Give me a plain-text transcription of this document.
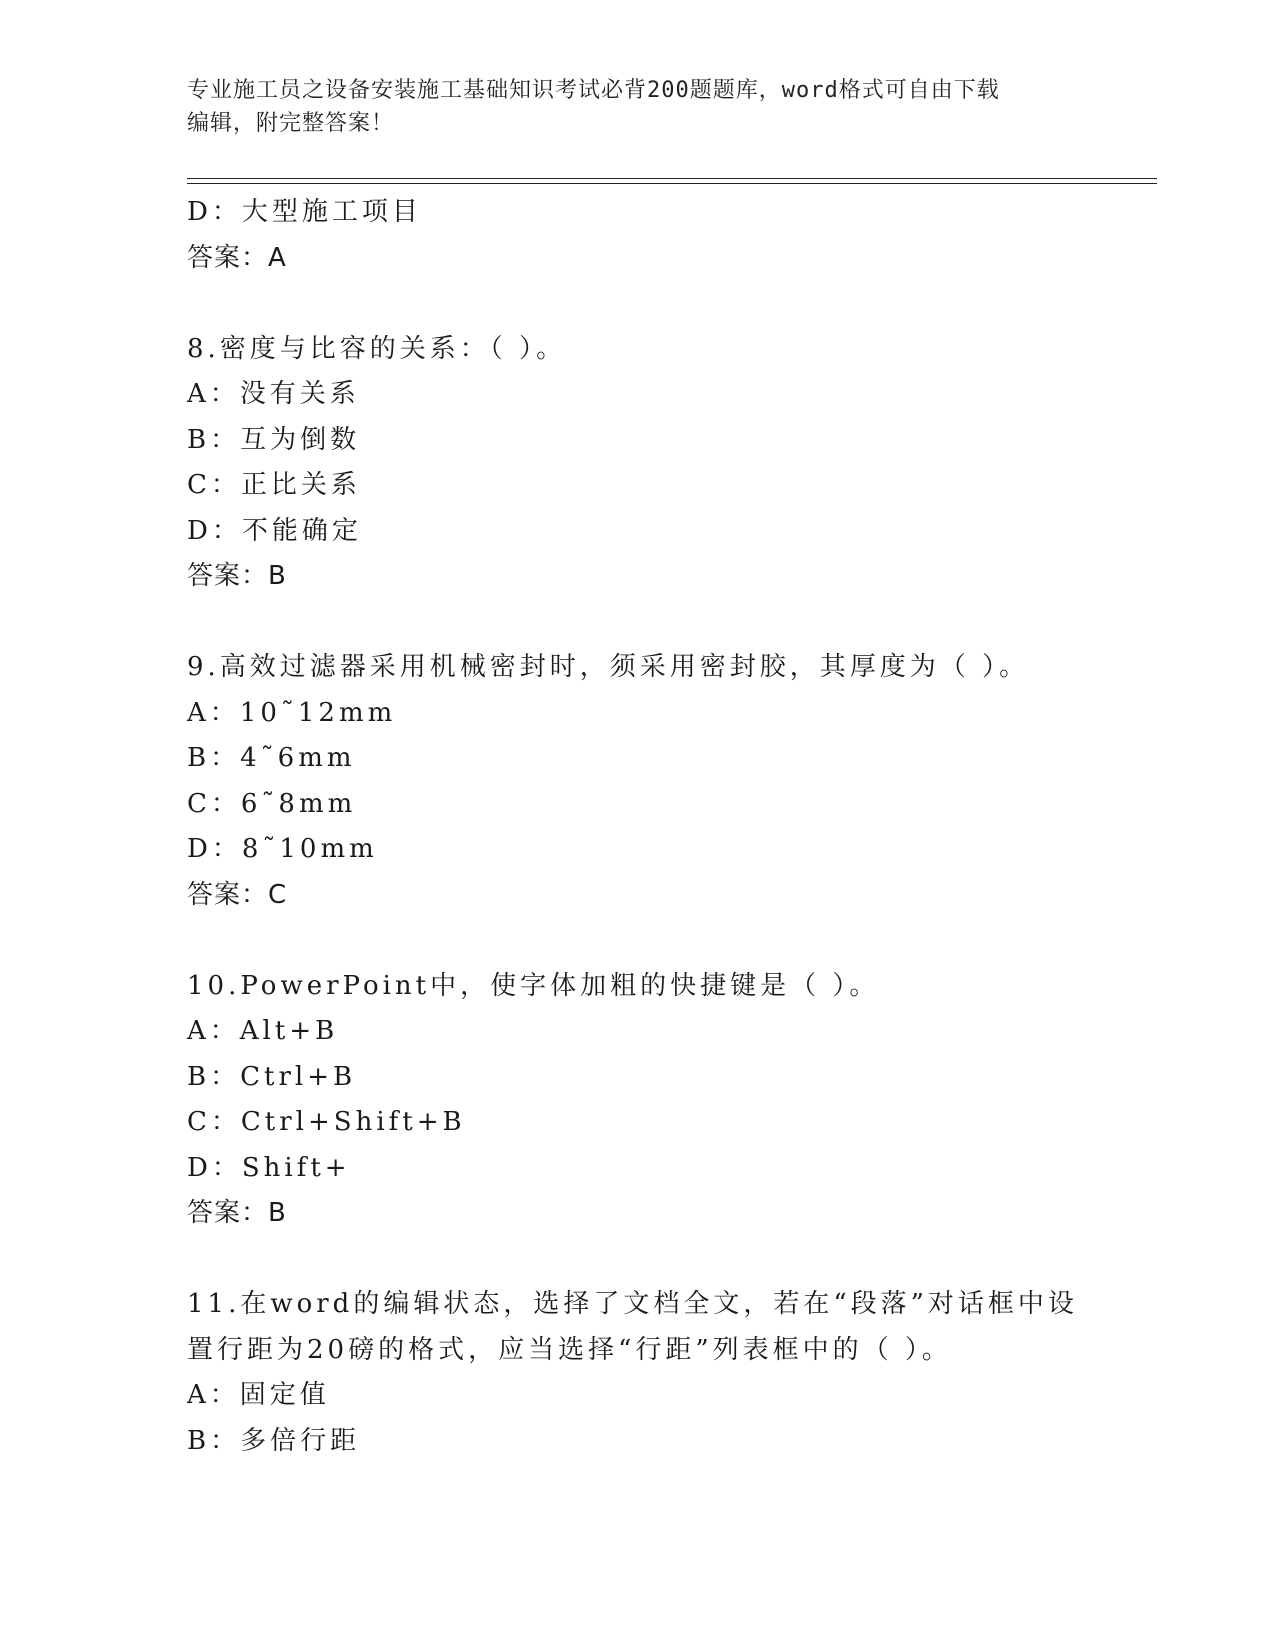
专业施工员之设备安装施工基础知识考试必背200题题库，word格式可自由下载
编辑，附完整答案！
D：大型施工项目
答案：A
8.密度与比容的关系：（ ）。
A：没有关系
B：互为倒数
C：正比关系
D：不能确定
答案：B
9.高效过滤器采用机械密封时，须采用密封胶，其厚度为（ ）。
A：10˜12mm
B：4˜6mm
C：6˜8mm
D：8˜10mm
答案：C
10.PowerPoint中，使字体加粗的快捷键是（ ）。
A：Alt+B
B：Ctrl+B
C：Ctrl+Shift+B
D：Shift+
答案：B
11.在word的编辑状态，选择了文档全文，若在“段落”对话框中设
置行距为20磅的格式，应当选择“行距”列表框中的（ ）。
A：固定值
B：多倍行距
